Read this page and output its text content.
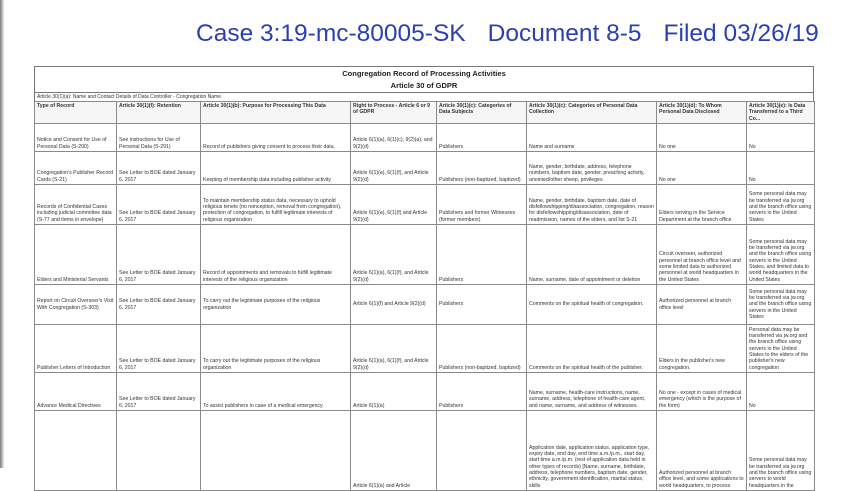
Case 3:19-mc-80005-SK Document 8-5 Filed 03/26/19
Congregation Record of Processing Activities
Article 30 of GDPR
Article 30(1)(a): Name and Contact Details of Data Controller - Congregation Name
Type of Record	Article 30(1)(f): Retention	Article 30(1)(b): Purpose for Processing This Data	Right to Process - Article 6 or 9 of GDPR	Article 30(1)(c): Categories of Data Subjects	Article 30(1)(c): Categories of Personal Data Collection	Article 30(1)(d): To Whom Personal Data Disclosed	Article 30(1)(e): Is Data Transferred to a Third Co...
Notice and Consent for Use of Personal Data (S-290)	See instructions for Use of Personal Data (S-291)	Record of publishers giving consent to process their data.	Article 6(1)(a), 6(1)(c), 9(2)(a), and 9(2)(d)	Publishers	Name and surname	No one	No
Congregation's Publisher Record Cards (S-21)	See Letter to BOE dated January 6, 2017	Keeping of membership data including publisher activity	Article 6(1)(a), 6(1)(f), and Article 9(2)(d)	Publishers (non-baptized, baptized)	Name, gender, birthdate, address, telephone numbers, baptism date, gender, preaching activity, anointed/other sheep, privileges	No one	No
Records of Confidential Cases including judicial committee data (S-77 and items in envelope)	See Letter to BOE dated January 6, 2017	To maintain membership status data, necessary to uphold religious tenets (no reinception, removal from congregation), protection of congregation, to fulfill legitimate interests of religious organization	Article 6(1)(a), 6(1)(f) and Article 9(2)(d)	Publishers and former Witnesses (former members)	Name, gender, birthdate, baptism date, date of disfellowshipping/disassociation, congregation, reason for disfellowshipping/disassociation, date of readmission, names of the elders, and list S-21	Elders serving in the Service Department at the branch office	Some personal data may be transferred via jw.org and the branch office using servers in the United States
Elders and Ministerial Servants	See Letter to BOE dated January 6, 2017	Record of appointments and removals to fulfill legitimate interests of the religious organization	Article 6(1)(a), 6(1)(f), and Article 9(2)(d)	Publishers	Name, surname, date of appointment or deletion	Circuit overseer, authorized personnel at branch office level and some limited data to authorized personnel at world headquarters in the United States	Some personal data may be transferred via jw.org and the branch office using servers in the United States, and limited data to world headquarters in the United States
Report on Circuit Overseer's Visit With Congregation (S-303)	See Letter to BOE dated January 6, 2017	To carry out the legitimate purposes of the religious organization	Article 6(1)(f) and Article 9(2)(d)	Publishers	Comments on the spiritual health of congregation.	Authorized personnel at branch office level	Some personal data may be transferred via jw.org and the branch office using servers in the United States
Publisher Letters of Introduction	See Letter to BOE dated January 6, 2017	To carry out the legitimate purposes of the religious organization	Article 6(1)(a), 6(1)(f), and Article 9(2)(d)	Publishers (non-baptized, baptized)	Comments on the spiritual health of the publisher.	Elders in the publisher's new congregation.	Personal data may be transferred via jw.org and the branch office using servers in the United States to the elders of the publisher's new congregation
Advance Medical Directives	See Letter to BOE dated January 6, 2017	To assist publishers in case of a medical emergency.	Article 6(1)(a)	Publishers	Name, surname, health-care instructions, name, surname, address, telephone of health-care agent, and name, surname, and address of witnesses.	No one - except in cases of medical emergency (which is the purpose of the form)	No
			Article 6(1)(a) and Article		Application date, application status, application type, expiry date, end day, end time a.m./p.m., start day, start time a.m./p.m. (rest of application data held in other types of records) [Name, surname, birthdate, address, telephone numbers, baptism date, gender, ethnicity, government identification, marital status, skills	Authorized personnel at branch office level, and some applications to world headquarters, to process	Some personal data may be transferred via jw.org and the branch office using servers to world headquarters in the
